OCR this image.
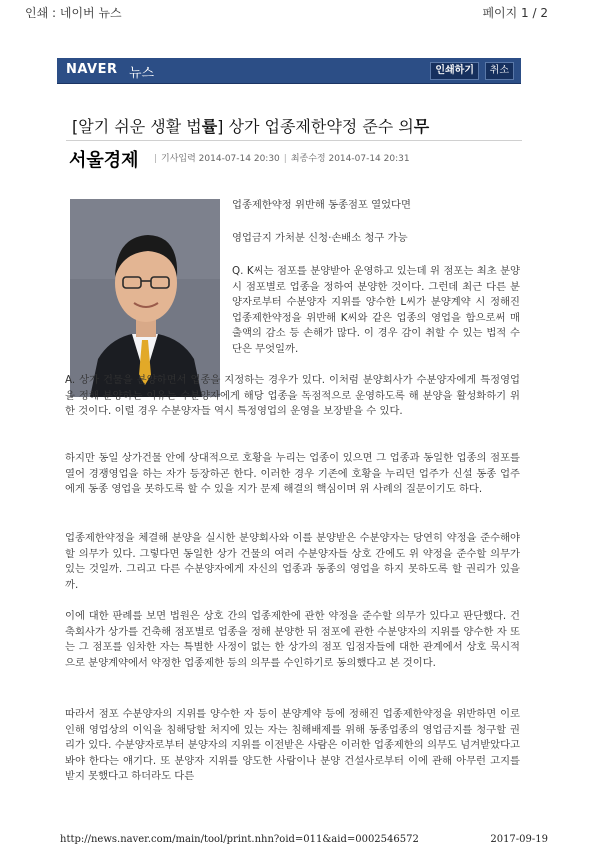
인쇄 : 네이버 뉴스	페이지 1 / 2
NAVER 뉴스	인쇄하기	취소
[알기 쉬운 생활 법률] 상가 업종제한약정 준수 의무
서울경제	| 기사입력 2014-07-14 20:30 | 최종수정 2014-07-14 20:31

업종제한약정 위반해 동종점포 열었다면

영업금지 가처분 신청·손배소 청구 가능

Q. K씨는 점포를 분양받아 운영하고 있는데 위 점포는 최초 분양시 점포별로 업종을 정하여 분양한 것이다. 그런데 최근 다른 분양자로부터 수분양자 지위를 양수한 L씨가 분양계약 시 정해진 업종제한약정을 위반해 K씨와 같은 업종의 영업을 함으로써 매출액의 감소 등 손해가 많다. 이 경우 감이 취할 수 있는 법적 수단은 무엇일까.

A. 상가 건물을 분양하면서 업종을 지정하는 경우가 있다. 이처럼 분양회사가 수분양자에게 특정영업을 정해 분양하는 이유는 수분양자에게 해당 업종을 독점적으로 운영하도록 해 분양을 활성화하기 위한 것이다. 이럴 경우 수분양자들 역시 특정영업의 운영을 보장받을 수 있다.

하지만 동일 상가건물 안에 상대적으로 호황을 누리는 업종이 있으면 그 업종과 동일한 업종의 점포를 열어 경쟁영업을 하는 자가 등장하곤 한다. 이러한 경우 기존에 호황을 누리던 업주가 신설 동종 업주에게 동종 영업을 못하도록 할 수 있을 지가 문제 해결의 핵심이며 위 사례의 질문이기도 하다.

업종제한약정을 체결해 분양을 실시한 분양회사와 이를 분양받은 수분양자는 당연히 약정을 준수해야 할 의무가 있다. 그렇다면 동일한 상가 건물의 여러 수분양자들 상호 간에도 위 약정을 준수할 의무가 있는 것일까. 그리고 다른 수분양자에게 자신의 업종과 동종의 영업을 하지 못하도록 할 권리가 있을까.

이에 대한 판례를 보면 법원은 상호 간의 업종제한에 관한 약정을 준수할 의무가 있다고 판단했다. 건축회사가 상가를 건축해 점포별로 업종을 정해 분양한 뒤 점포에 관한 수분양자의 지위를 양수한 자 또는 그 점포를 임차한 자는 특별한 사정이 없는 한 상가의 점포 입점자들에 대한 관계에서 상호 묵시적으로 분양계약에서 약정한 업종제한 등의 의무를 수인하기로 동의했다고 본 것이다.

따라서 점포 수분양자의 지위를 양수한 자 등이 분양계약 등에 정해진 업종제한약정을 위반하면 이로 인해 영업상의 이익을 침해당할 처지에 있는 자는 침해배제를 위해 동종업종의 영업금지를 청구할 권리가 있다. 수분양자로부터 분양자의 지위를 이전받은 사람은 이러한 업종제한의 의무도 넘겨받았다고 봐야 한다는 얘기다. 또 분양자 지위를 양도한 사람이나 분양 건설사로부터 이에 관해 아무런 고지를 받지 못했다고 하더라도 다른

http://news.naver.com/main/tool/print.nhn?oid=011&aid=0002546572	2017-09-19
